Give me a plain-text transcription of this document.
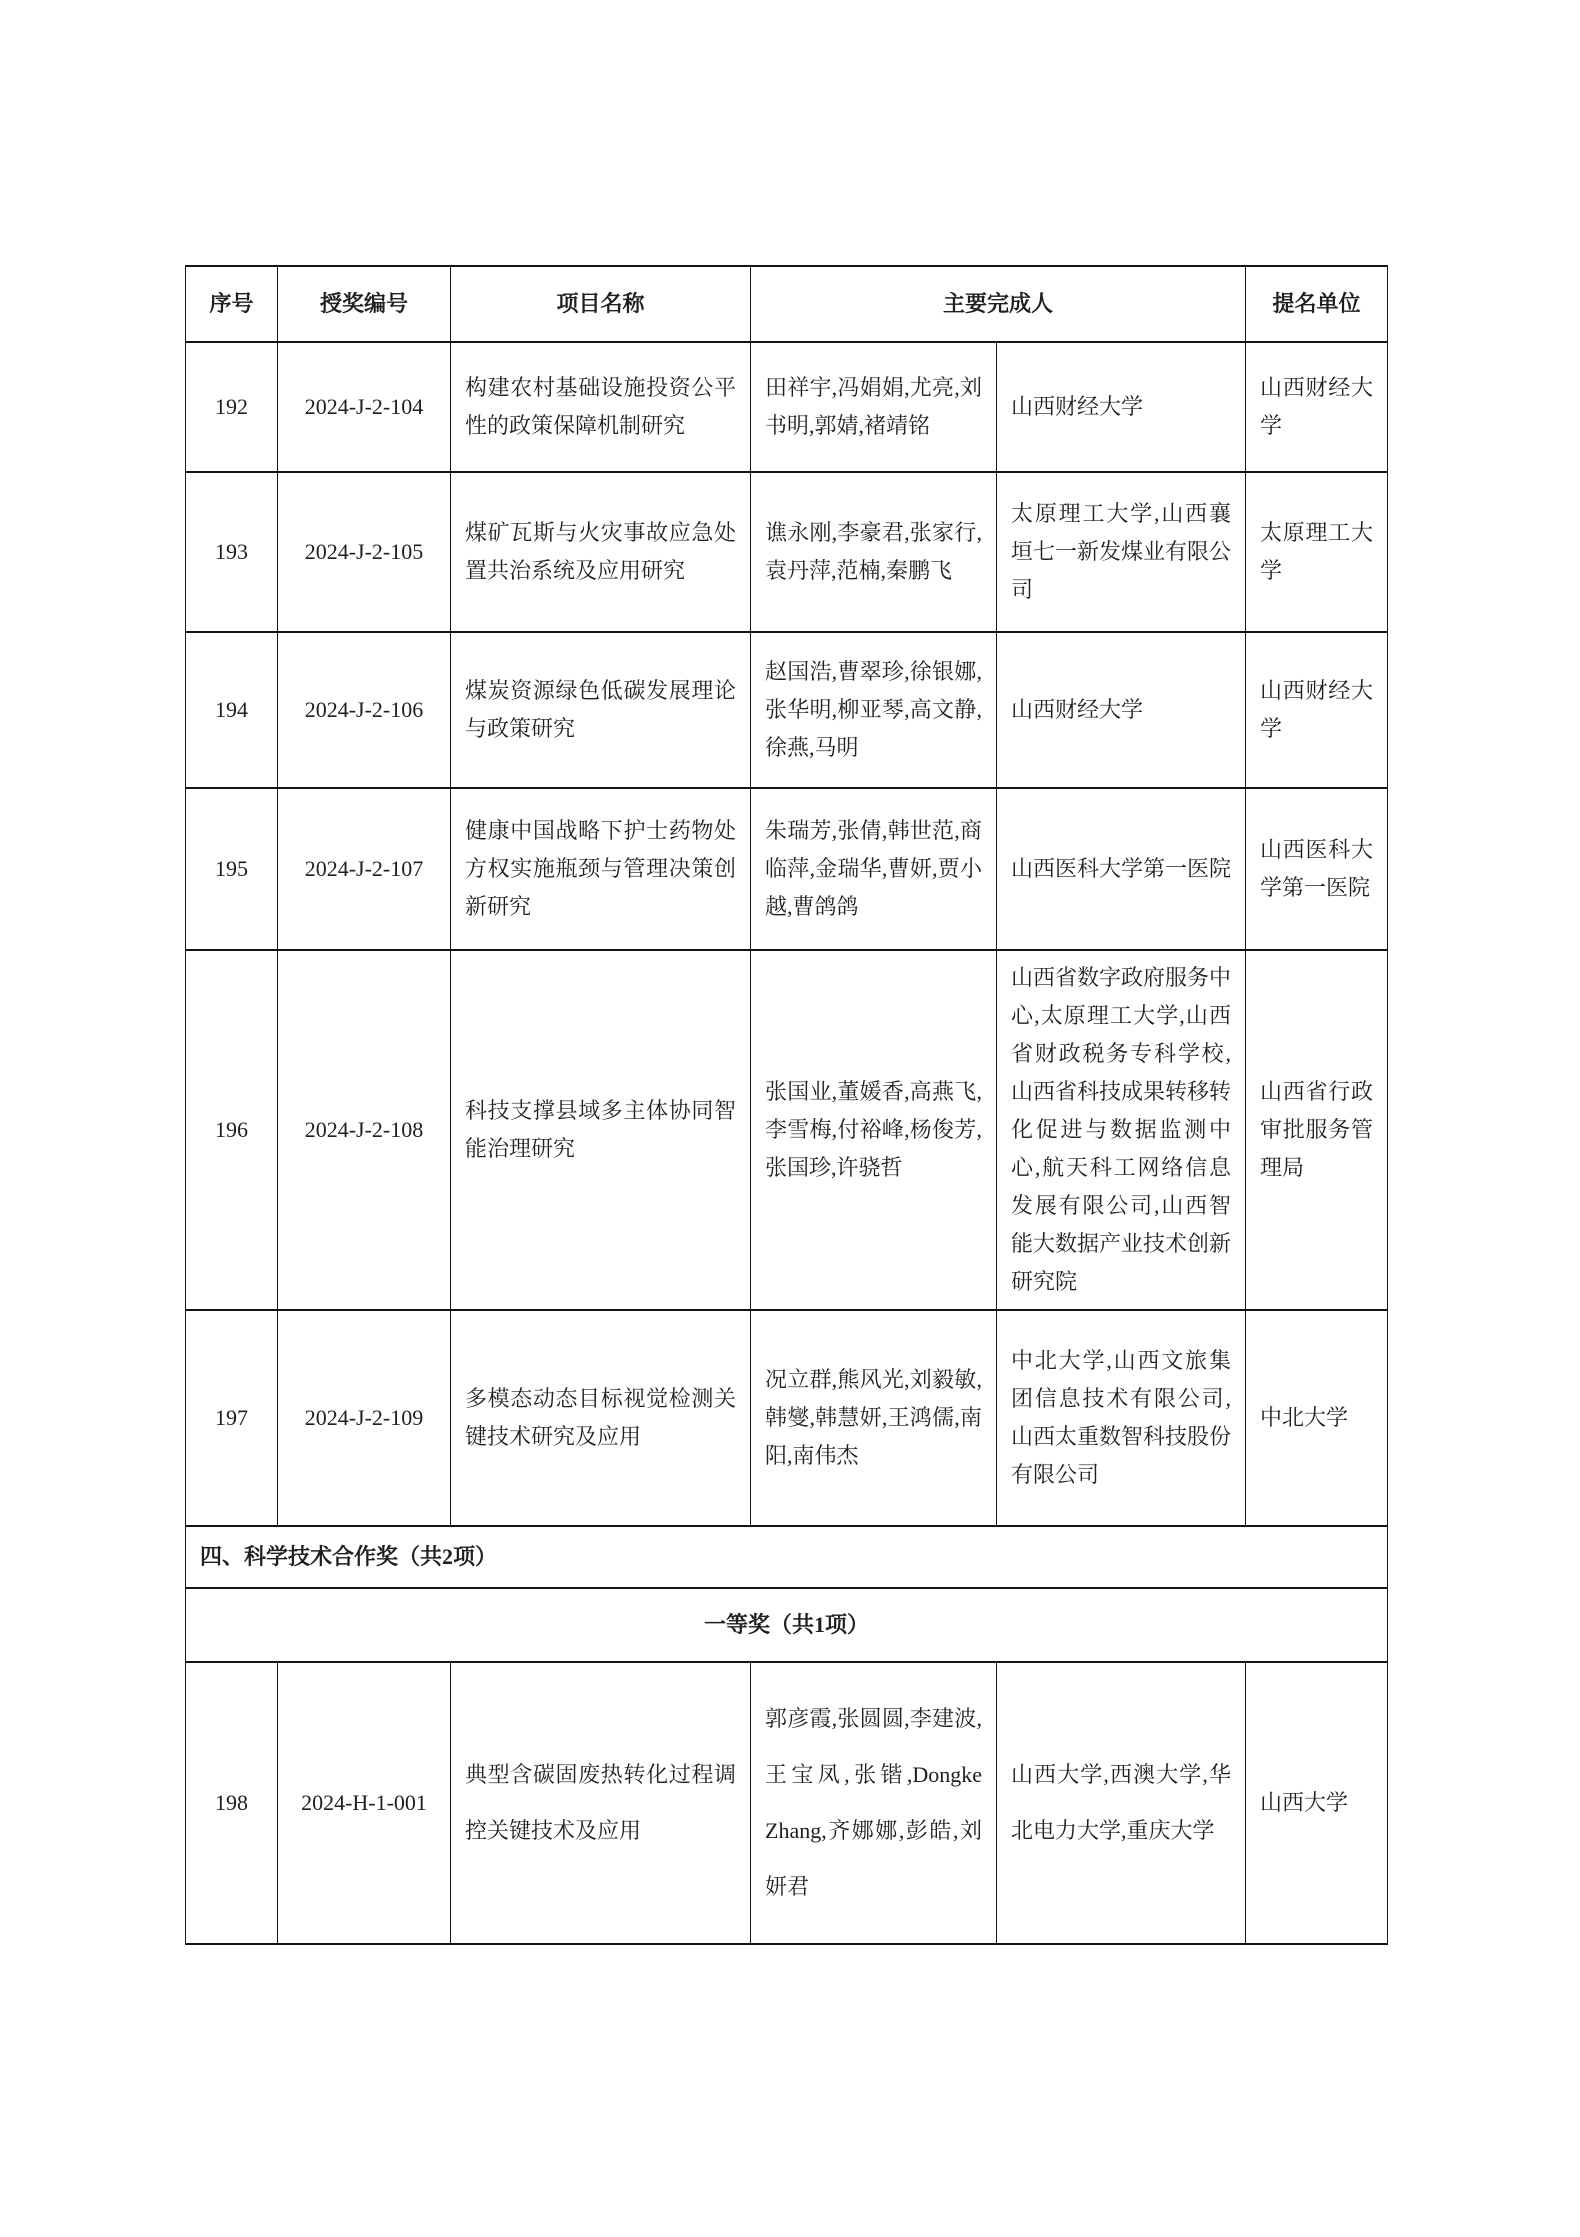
序号	授奖编号	项目名称	主要完成人		提名单位
192	2024-J-2-104	构建农村基础设施投资公平性的政策保障机制研究	田祥宇,冯娟娟,尤亮,刘书明,郭婧,褚靖铭	山西财经大学	山西财经大学
193	2024-J-2-105	煤矿瓦斯与火灾事故应急处置共治系统及应用研究	谯永刚,李豪君,张家行,袁丹萍,范楠,秦鹏飞	太原理工大学,山西襄垣七一新发煤业有限公司	太原理工大学
194	2024-J-2-106	煤炭资源绿色低碳发展理论与政策研究	赵国浩,曹翠珍,徐银娜,张华明,柳亚琴,高文静,徐燕,马明	山西财经大学	山西财经大学
195	2024-J-2-107	健康中国战略下护士药物处方权实施瓶颈与管理决策创新研究	朱瑞芳,张倩,韩世范,商临萍,金瑞华,曹妍,贾小越,曹鸽鸽	山西医科大学第一医院	山西医科大学第一医院
196	2024-J-2-108	科技支撑县域多主体协同智能治理研究	张国业,董媛香,高燕飞,李雪梅,付裕峰,杨俊芳,张国珍,许骁哲	山西省数字政府服务中心,太原理工大学,山西省财政税务专科学校,山西省科技成果转移转化促进与数据监测中心,航天科工网络信息发展有限公司,山西智能大数据产业技术创新研究院	山西省行政审批服务管理局
197	2024-J-2-109	多模态动态目标视觉检测关键技术研究及应用	况立群,熊风光,刘毅敏,韩燮,韩慧妍,王鸿儒,南阳,南伟杰	中北大学,山西文旅集团信息技术有限公司,山西太重数智科技股份有限公司	中北大学
四、科学技术合作奖（共2项）					
一等奖（共1项）					
198	2024-H-1-001	典型含碳固废热转化过程调控关键技术及应用	郭彦霞,张圆圆,李建波,王宝凤,张锴,Dongke Zhang,齐娜娜,彭皓,刘妍君	山西大学,西澳大学,华北电力大学,重庆大学	山西大学
